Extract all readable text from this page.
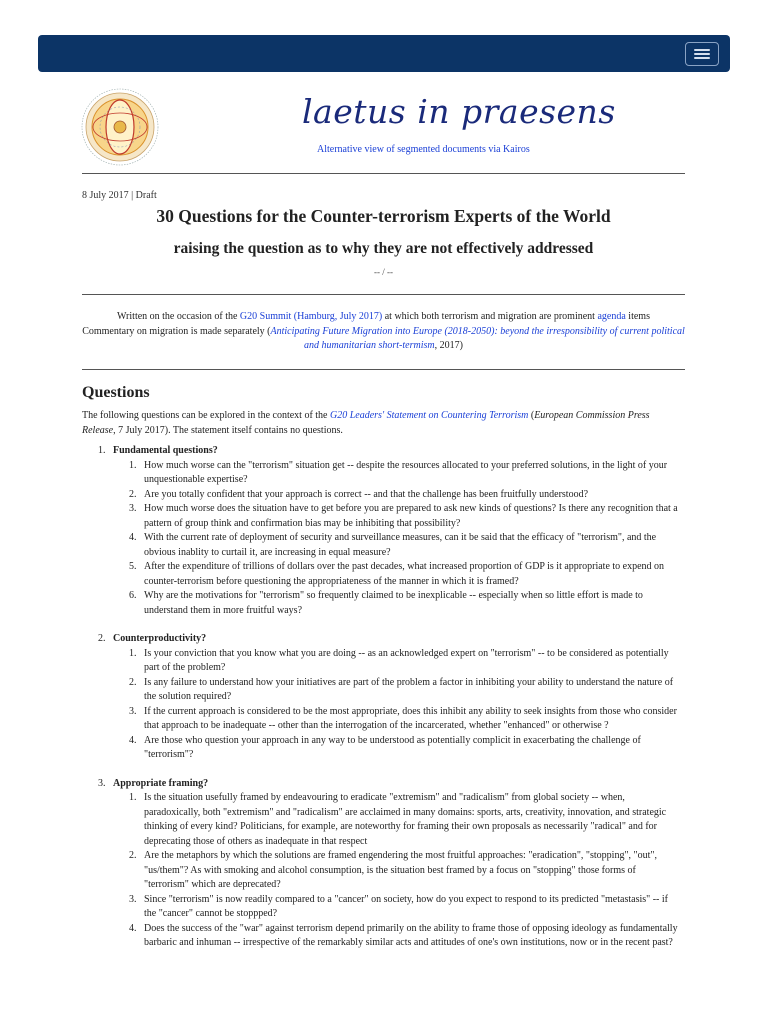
laetus in praesens
Alternative view of segmented documents via Kairos
8 July 2017 | Draft
30 Questions for the Counter-terrorism Experts of the World
raising the question as to why they are not effectively addressed
-- / --
Written on the occasion of the G20 Summit (Hamburg, July 2017) at which both terrorism and migration are prominent agenda items
Commentary on migration is made separately (Anticipating Future Migration into Europe (2018-2050): beyond the irresponsibility of current political and humanitarian short-termism, 2017)
Questions
The following questions can be explored in the context of the G20 Leaders' Statement on Countering Terrorism (European Commission Press Release, 7 July 2017). The statement itself contains no questions.
1. Fundamental questions?
1. How much worse can the "terrorism" situation get -- despite the resources allocated to your preferred solutions, in the light of your unquestionable expertise?
2. Are you totally confident that your approach is correct -- and that the challenge has been fruitfully understood?
3. How much worse does the situation have to get before you are prepared to ask new kinds of questions? Is there any recognition that a pattern of group think and confirmation bias may be inhibiting that possibility?
4. With the current rate of deployment of security and surveillance measures, can it be said that the efficacy of "terrorism", and the obvious inablity to curtail it, are increasing in equal measure?
5. After the expenditure of trillions of dollars over the past decades, what increased proportion of GDP is it appropriate to expend on counter-terrorism before questioning the appropriateness of the manner in which it is framed?
6. Why are the motivations for "terrorism" so frequently claimed to be inexplicable -- especially when so little effort is made to understand them in more fruitful ways?
2. Counterproductivity?
1. Is your conviction that you know what you are doing -- as an acknowledged expert on "terrorism" -- to be considered as potentially part of the problem?
2. Is any failure to understand how your initiatives are part of the problem a factor in inhibiting your ability to understand the nature of the solution required?
3. If the current approach is considered to be the most appropriate, does this inhibit any ability to seek insights from those who consider that approach to be inadequate -- other than the interrogation of the incarcerated, whether "enhanced" or otherwise ?
4. Are those who question your approach in any way to be understood as potentially complicit in exacerbating the challenge of "terrorism"?
3. Appropriate framing?
1. Is the situation usefully framed by endeavouring to eradicate "extremism" and "radicalism" from global society -- when, paradoxically, both "extremism" and "radicalism" are acclaimed in many domains: sports, arts, creativity, innovation, and strategic thinking of every kind? Politicians, for example, are noteworthy for framing their own proposals as necessarily "radical" and for deprecating those of others as inadequate in that respect
2. Are the metaphors by which the solutions are framed engendering the most fruitful approaches: "eradication", "stopping", "out", "us/them"? As with smoking and alcohol consumption, is the situation best framed by a focus on "stopping" those forms of "terrorism" which are deprecated?
3. Since "terrorism" is now readily compared to a "cancer" on society, how do you expect to respond to its predicted "metastasis" -- if the "cancer" cannot be stoppped?
4. Does the success of the "war" against terrorism depend primarily on the ability to frame those of opposing ideology as fundamentally barbaric and inhuman -- irrespective of the remarkably similar acts and attitudes of one's own institutions, now or in the recent past?
